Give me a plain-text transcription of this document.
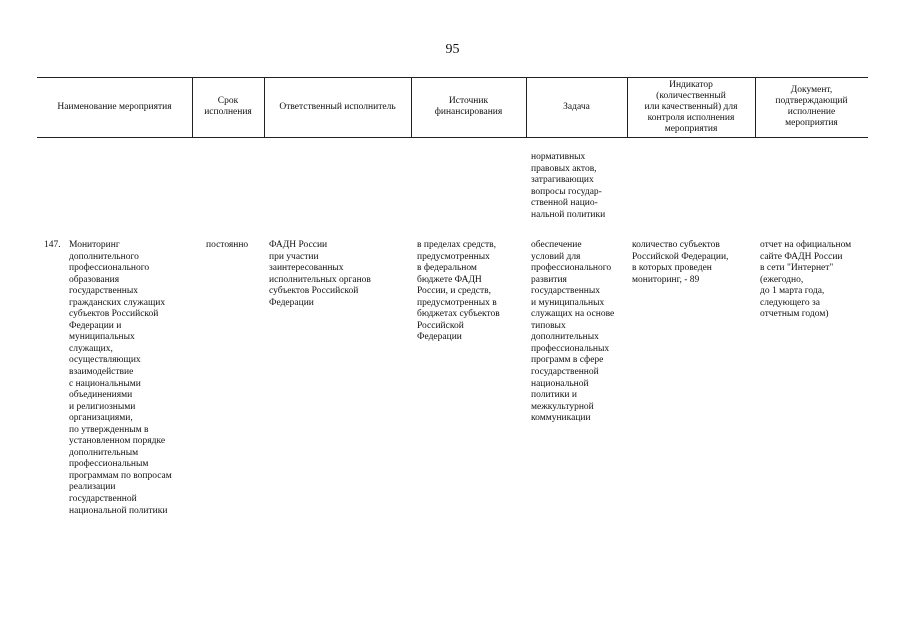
95
Наименование мероприятия
Срок
исполнения
Ответственный исполнитель
Источник
финансирования
Задача
Индикатор
(количественный
или качественный) для
контроля исполнения
мероприятия
Документ,
подтверждающий
исполнение
мероприятия
нормативных
правовых актов,
затрагивающих
вопросы государ-
ственной нацио-
нальной политики
147. Мониторинг
дополнительного
профессионального
образования
государственных
гражданских служащих
субъектов Российской
Федерации и
муниципальных
служащих,
осуществляющих
взаимодействие
с национальными
объединениями
и религиозными
организациями,
по утвержденным в
установленном порядке
дополнительным
профессиональным
программам по вопросам
реализации
государственной
национальной политики
постоянно ФАДН России
при участии
заинтересованных
исполнительных органов
субъектов Российской
Федерации
в пределах средств,
предусмотренных
в федеральном
бюджете ФАДН
России, и средств,
предусмотренных в
бюджетах субъектов
Российской
Федерации
обеспечение
условий для
профессионального
развития
государственных
и муниципальных
служащих на основе
типовых
дополнительных
профессиональных
программ в сфере
государственной
национальной
политики и
межкультурной
коммуникации
количество субъектов
Российской Федерации,
в которых проведен
мониторинг, - 89
отчет на официальном
сайте ФАДН России
в сети "Интернет"
(ежегодно,
до 1 марта года,
следующего за
отчетным годом)
